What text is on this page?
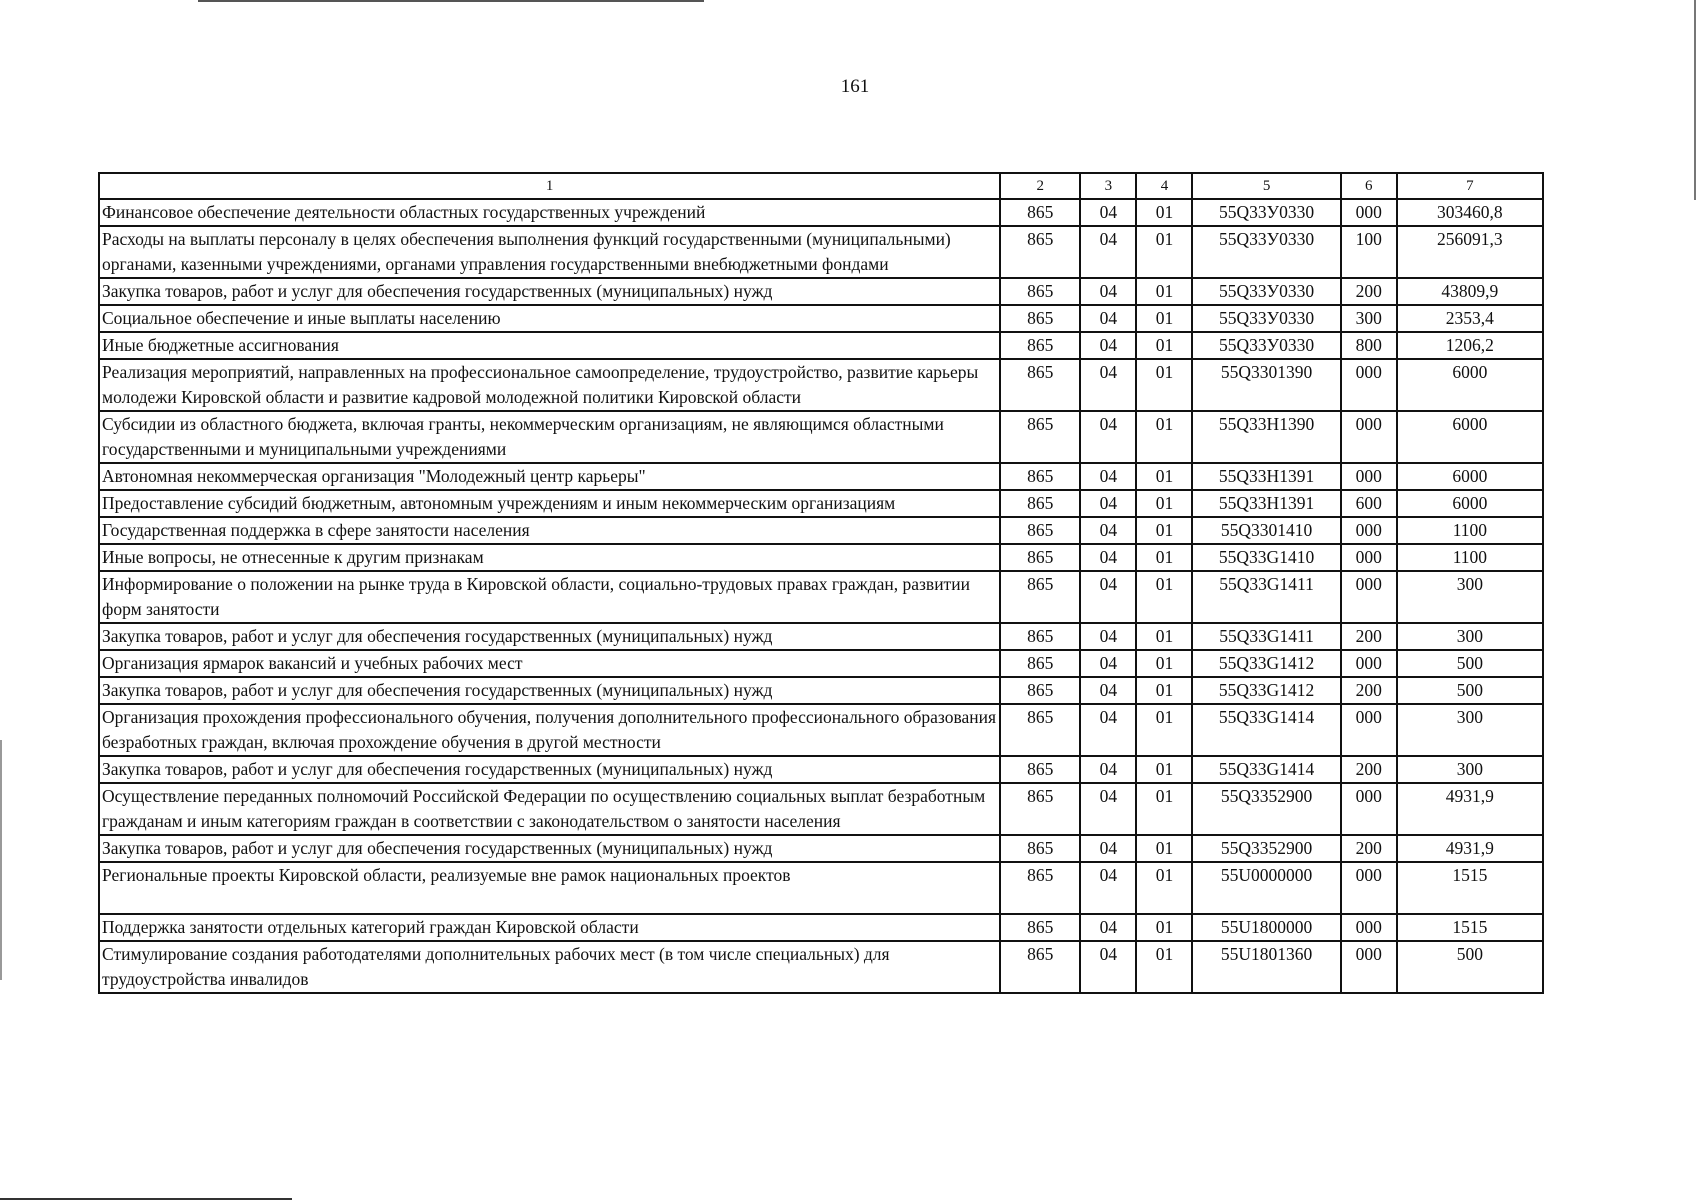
161
1	2	3	4	5	6	7
Финансовое обеспечение деятельности областных государственных учреждений	865	04	01	55Q33У0330	000	303460,8
Расходы на выплаты персоналу в целях обеспечения выполнения функций государственными (муниципальными) органами, казенными учреждениями, органами управления государственными внебюджетными фондами	865	04	01	55Q33У0330	100	256091,3
Закупка товаров, работ и услуг для обеспечения государственных (муниципальных) нужд	865	04	01	55Q33У0330	200	43809,9
Социальное обеспечение и иные выплаты населению	865	04	01	55Q33У0330	300	2353,4
Иные бюджетные ассигнования	865	04	01	55Q33У0330	800	1206,2
Реализация мероприятий, направленных на профессиональное самоопределение, трудоустройство, развитие карьеры молодежи Кировской области и развитие кадровой молодежной политики Кировской области	865	04	01	55Q3301390	000	6000
Субсидии из областного бюджета, включая гранты, некоммерческим организациям, не являющимся областными государственными и муниципальными учреждениями	865	04	01	55Q33H1390	000	6000
Автономная некоммерческая организация "Молодежный центр карьеры"	865	04	01	55Q33H1391	000	6000
Предоставление субсидий бюджетным, автономным учреждениям и иным некоммерческим организациям	865	04	01	55Q33H1391	600	6000
Государственная поддержка в сфере занятости населения	865	04	01	55Q3301410	000	1100
Иные вопросы, не отнесенные к другим признакам	865	04	01	55Q33G1410	000	1100
Информирование о положении на рынке труда в Кировской области, социально-трудовых правах граждан, развитии форм занятости	865	04	01	55Q33G1411	000	300
Закупка товаров, работ и услуг для обеспечения государственных (муниципальных) нужд	865	04	01	55Q33G1411	200	300
Организация ярмарок вакансий и учебных рабочих мест	865	04	01	55Q33G1412	000	500
Закупка товаров, работ и услуг для обеспечения государственных (муниципальных) нужд	865	04	01	55Q33G1412	200	500
Организация прохождения профессионального обучения, получения дополнительного профессионального образования безработных граждан, включая прохождение обучения в другой местности	865	04	01	55Q33G1414	000	300
Закупка товаров, работ и услуг для обеспечения государственных (муниципальных) нужд	865	04	01	55Q33G1414	200	300
Осуществление переданных полномочий Российской Федерации по осуществлению социальных выплат безработным гражданам и иным категориям граждан в соответствии с законодательством о занятости населения	865	04	01	55Q3352900	000	4931,9
Закупка товаров, работ и услуг для обеспечения государственных (муниципальных) нужд	865	04	01	55Q3352900	200	4931,9
Региональные проекты Кировской области, реализуемые вне рамок национальных проектов	865	04	01	55U0000000	000	1515
Поддержка занятости отдельных категорий граждан Кировской области	865	04	01	55U1800000	000	1515
Стимулирование создания работодателями дополнительных рабочих мест (в том числе специальных) для трудоустройства инвалидов	865	04	01	55U1801360	000	500
